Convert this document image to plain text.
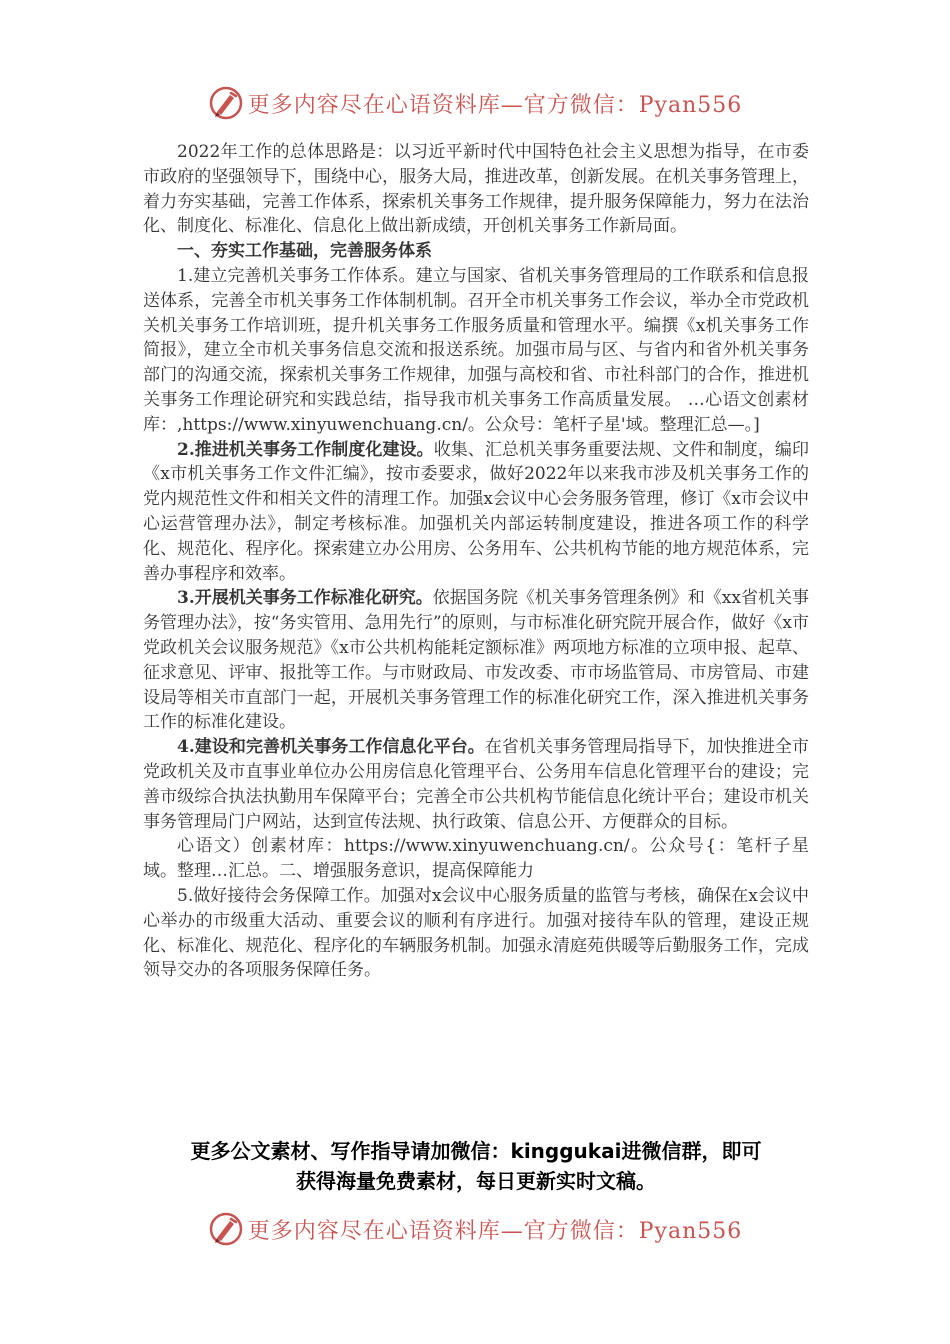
更多内容尽在心语资料库—官方微信：Pyan556

2022年工作的总体思路是：以习近平新时代中国特色社会主义思想为指导，在市委市政府的坚强领导下，围绕中心，服务大局，推进改革，创新发展。在机关事务管理上，着力夯实基础，完善工作体系，探索机关事务工作规律，提升服务保障能力，努力在法治化、制度化、标准化、信息化上做出新成绩，开创机关事务工作新局面。

一、夯实工作基础，完善服务体系

1.建立完善机关事务工作体系。建立与国家、省机关事务管理局的工作联系和信息报送体系，完善全市机关事务工作体制机制。召开全市机关事务工作会议，举办全市党政机关机关事务工作培训班，提升机关事务工作服务质量和管理水平。编撰《x机关事务工作简报》，建立全市机关事务信息交流和报送系统。加强市局与区、与省内和省外机关事务部门的沟通交流，探索机关事务工作规律，加强与高校和省、市社科部门的合作，推进机关事务工作理论研究和实践总结，指导我市机关事务工作高质量发展。 …心语文创素材库：,https://www.xinyuwenchuang.cn/。公众号：笔杆子星'域。整理汇总—。]

2.推进机关事务工作制度化建设。收集、汇总机关事务重要法规、文件和制度，编印《x市机关事务工作文件汇编》，按市委要求，做好2022年以来我市涉及机关事务工作的党内规范性文件和相关文件的清理工作。加强x会议中心会务服务管理，修订《x市会议中心运营管理办法》，制定考核标准。加强机关内部运转制度建设，推进各项工作的科学化、规范化、程序化。探索建立办公用房、公务用车、公共机构节能的地方规范体系，完善办事程序和效率。

3.开展机关事务工作标准化研究。依据国务院《机关事务管理条例》和《xx省机关事务管理办法》，按“务实管用、急用先行”的原则，与市标准化研究院开展合作，做好《x市党政机关会议服务规范》《x市公共机构能耗定额标准》两项地方标准的立项申报、起草、征求意见、评审、报批等工作。与市财政局、市发改委、市市场监管局、市房管局、市建设局等相关市直部门一起，开展机关事务管理工作的标准化研究工作，深入推进机关事务工作的标准化建设。

4.建设和完善机关事务工作信息化平台。在省机关事务管理局指导下，加快推进全市党政机关及市直事业单位办公用房信息化管理平台、公务用车信息化管理平台的建设；完善市级综合执法执勤用车保障平台；完善全市公共机构节能信息化统计平台；建设市机关事务管理局门户网站，达到宣传法规、执行政策、信息公开、方便群众的目标。

心语文）创素材库：https://www.xinyuwenchuang.cn/。公众号{：笔杆子星域。整理…汇总。二、增强服务意识，提高保障能力

5.做好接待会务保障工作。加强对x会议中心服务质量的监管与考核，确保在x会议中心举办的市级重大活动、重要会议的顺利有序进行。加强对接待车队的管理，建设正规化、标准化、规范化、程序化的车辆服务机制。加强永清庭苑供暖等后勤服务工作，完成领导交办的各项服务保障任务。

更多公文素材、写作指导请加微信：kinggukai进微信群，即可
获得海量免费素材，每日更新实时文稿。
更多内容尽在心语资料库—官方微信：Pyan556
